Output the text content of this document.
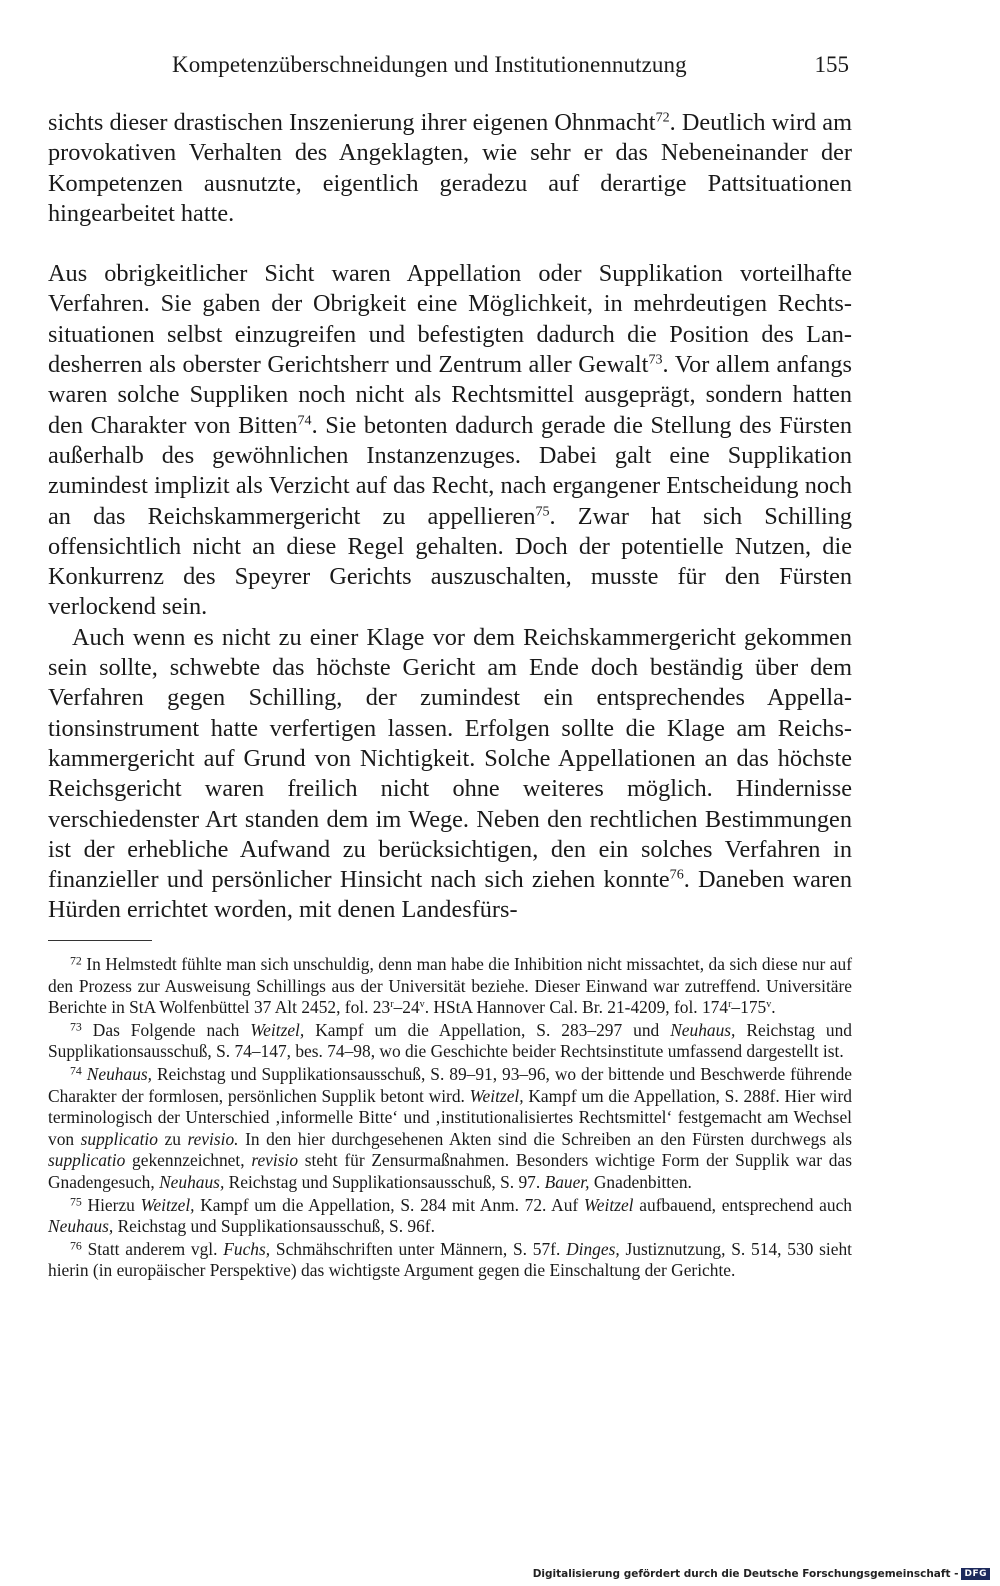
Kompetenzüberschneidungen und Institutionennutzung	155

sichts dieser drastischen Inszenierung ihrer eigenen Ohnmacht$^{72}$. Deutlich wird am provokativen Verhalten des Angeklagten, wie sehr er das Nebeneinander der Kompetenzen ausnutzte, eigentlich geradezu auf derartige Pattsituationen hingearbeitet hatte.

Aus obrigkeitlicher Sicht waren Appellation oder Supplikation vorteilhafte Verfahren. Sie gaben der Obrigkeit eine Möglichkeit, in mehrdeutigen Rechtssituationen selbst einzugreifen und befestigten dadurch die Position des Landesherren als oberster Gerichtsherr und Zentrum aller Gewalt$^{73}$. Vor allem anfangs waren solche Suppliken noch nicht als Rechtsmittel ausgeprägt, sondern hatten den Charakter von Bitten$^{74}$. Sie betonten dadurch gerade die Stellung des Fürsten außerhalb des gewöhnlichen Instanzenzuges. Dabei galt eine Supplikation zumindest implizit als Verzicht auf das Recht, nach ergangener Entscheidung noch an das Reichskammergericht zu appellieren$^{75}$. Zwar hat sich Schilling offensichtlich nicht an diese Regel gehalten. Doch der potentielle Nutzen, die Konkurrenz des Speyrer Gerichts auszuschalten, musste für den Fürsten verlockend sein.

Auch wenn es nicht zu einer Klage vor dem Reichskammergericht gekommen sein sollte, schwebte das höchste Gericht am Ende doch beständig über dem Verfahren gegen Schilling, der zumindest ein entsprechendes Appellationsinstrument hatte verfertigen lassen. Erfolgen sollte die Klage am Reichskammergericht auf Grund von Nichtigkeit. Solche Appellationen an das höchste Reichsgericht waren freilich nicht ohne weiteres möglich. Hindernisse verschiedenster Art standen dem im Wege. Neben den rechtlichen Bestimmungen ist der erhebliche Aufwand zu berücksichtigen, den ein solches Verfahren in finanzieller und persönlicher Hinsicht nach sich ziehen konnte$^{76}$. Daneben waren Hürden errichtet worden, mit denen Landesfürs-

$^{72}$ In Helmstedt fühlte man sich unschuldig, denn man habe die Inhibition nicht missachtet, da sich diese nur auf den Prozess zur Ausweisung Schillings aus der Universität beziehe. Dieser Einwand war zutreffend. Universitäre Berichte in StA Wolfenbüttel 37 Alt 2452, fol. 23$^r$–24$^v$. HStA Hannover Cal. Br. 21-4209, fol. 174$^r$–175$^v$.

$^{73}$ Das Folgende nach Weitzel, Kampf um die Appellation, S. 283–297 und Neuhaus, Reichstag und Supplikationsausschuß, S. 74–147, bes. 74–98, wo die Geschichte beider Rechtsinstitute umfassend dargestellt ist.

$^{74}$ Neuhaus, Reichstag und Supplikationsausschuß, S. 89–91, 93–96, wo der bittende und Beschwerde führende Charakter der formlosen, persönlichen Supplik betont wird. Weitzel, Kampf um die Appellation, S. 288f. Hier wird terminologisch der Unterschied ‚informelle Bitte‘ und ‚institutionalisiertes Rechtsmittel‘ festgemacht am Wechsel von supplicatio zu revisio. In den hier durchgesehenen Akten sind die Schreiben an den Fürsten durchwegs als supplicatio gekennzeichnet, revisio steht für Zensurmaßnahmen. Besonders wichtige Form der Supplik war das Gnadengesuch, Neuhaus, Reichstag und Supplikationsausschuß, S. 97. Bauer, Gnadenbitten.

$^{75}$ Hierzu Weitzel, Kampf um die Appellation, S. 284 mit Anm. 72. Auf Weitzel aufbauend, entsprechend auch Neuhaus, Reichstag und Supplikationsausschuß, S. 96f.

$^{76}$ Statt anderem vgl. Fuchs, Schmähschriften unter Männern, S. 57f. Dinges, Justiznutzung, S. 514, 530 sieht hierin (in europäischer Perspektive) das wichtigste Argument gegen die Einschaltung der Gerichte.

Digitalisierung gefördert durch die Deutsche Forschungsgemeinschaft - DFG
